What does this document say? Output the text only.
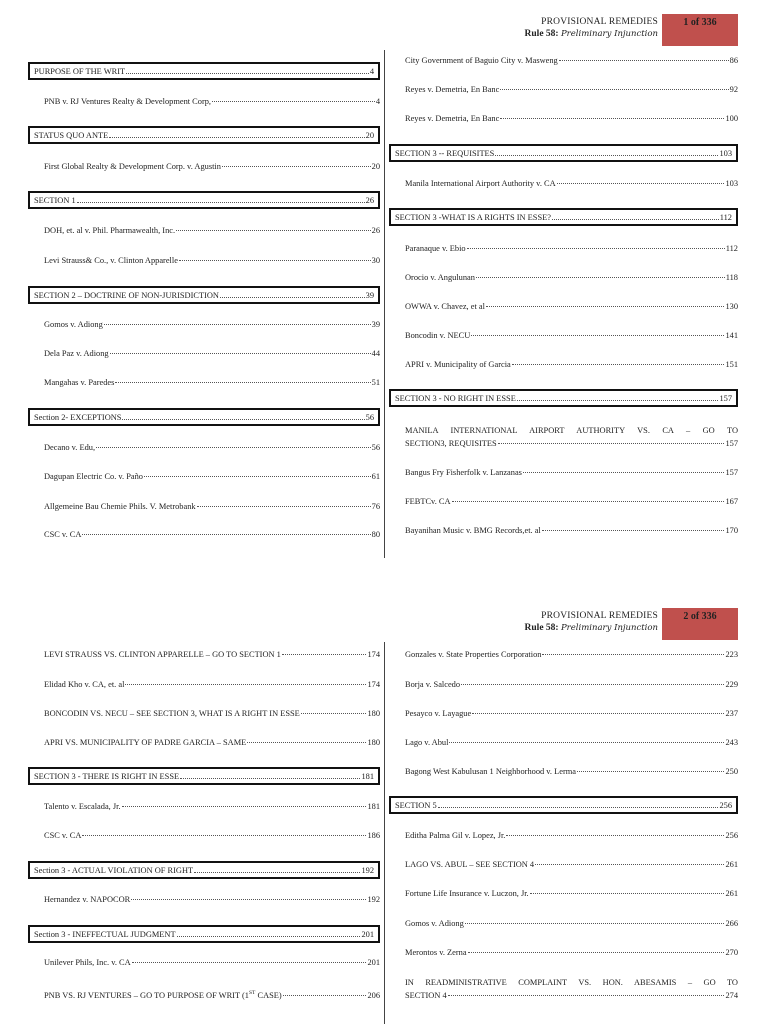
PROVISIONAL REMEDIES
Rule 58: Preliminary Injunction
1 of 336
PURPOSE OF THE WRIT	4
PNB v. RJ Ventures Realty & Development Corp,	4
STATUS QUO ANTE	20
First Global Realty & Development Corp. v. Agustin	20
SECTION 1	26
DOH, et. al v. Phil. Pharmawealth, Inc.	26
Levi Strauss& Co., v. Clinton Apparelle	30
SECTION 2 – DOCTRINE OF NON-JURISDICTION	39
Gomos v. Adiong	39
Dela Paz v. Adiong	44
Mangahas v. Paredes	51
Section 2- EXCEPTIONS	56
Decano v. Edu,	56
Dagupan Electric Co. v. Paño	61
Allgemeine Bau Chemie Phils. V. Metrobank	76
CSC v. CA	80
City Government of Baguio City v. Masweng	86
Reyes v. Demetria, En Banc	92
Reyes v. Demetria, En Banc	100
SECTION 3 -- REQUISITES	103
Manila International Airport Authority v. CA	103
SECTION 3 -WHAT IS A RIGHTS IN ESSE?	112
Paranaque v. Ebio	112
Orocio v. Angulunan	118
OWWA v. Chavez, et al	130
Boncodin v. NECU	141
APRI v. Municipality of Garcia	151
SECTION 3 - NO RIGHT IN ESSE	157
MANILA INTERNATIONAL AIRPORT AUTHORITY VS. CA – GO TO
SECTION3, REQUISITES	157
Bangus Fry Fisherfolk v. Lanzanas	157
FEBTCv. CA	167
Bayanihan Music v. BMG Records,et. al	170
PROVISIONAL REMEDIES
Rule 58: Preliminary Injunction
2 of 336
LEVI STRAUSS VS. CLINTON APPARELLE – GO TO SECTION 1	174
Elidad Kho v. CA, et. al	174
BONCODIN VS. NECU – SEE SECTION 3, WHAT IS A RIGHT IN ESSE	180
APRI VS. MUNICIPALITY OF PADRE GARCIA – SAME	180
SECTION 3 - THERE IS RIGHT IN ESSE	181
Talento v. Escalada, Jr.	181
CSC v. CA	186
Section 3 - ACTUAL VIOLATION OF RIGHT	192
Hernandez v. NAPOCOR	192
Section 3 - INEFFECTUAL JUDGMENT	201
Unilever Phils, Inc. v. CA	201
PNB VS. RJ VENTURES – GO TO PURPOSE OF WRIT (1ST CASE)	206
Gonzales v. State Properties Corporation	223
Borja v. Salcedo	229
Pesayco v. Layague	237
Lago v. Abul	243
Bagong West Kabulusan 1 Neighborhood v. Lerma	250
SECTION 5	256
Editha Palma Gil v. Lopez, Jr.	256
LAGO VS. ABUL – SEE SECTION 4	261
Fortune Life Insurance v. Luczon, Jr.	261
Gomos v. Adiong	266
Merontos v. Zerna	270
IN READMINISTRATIVE COMPLAINT VS. HON. ABESAMIS – GO TO
SECTION 4	274
